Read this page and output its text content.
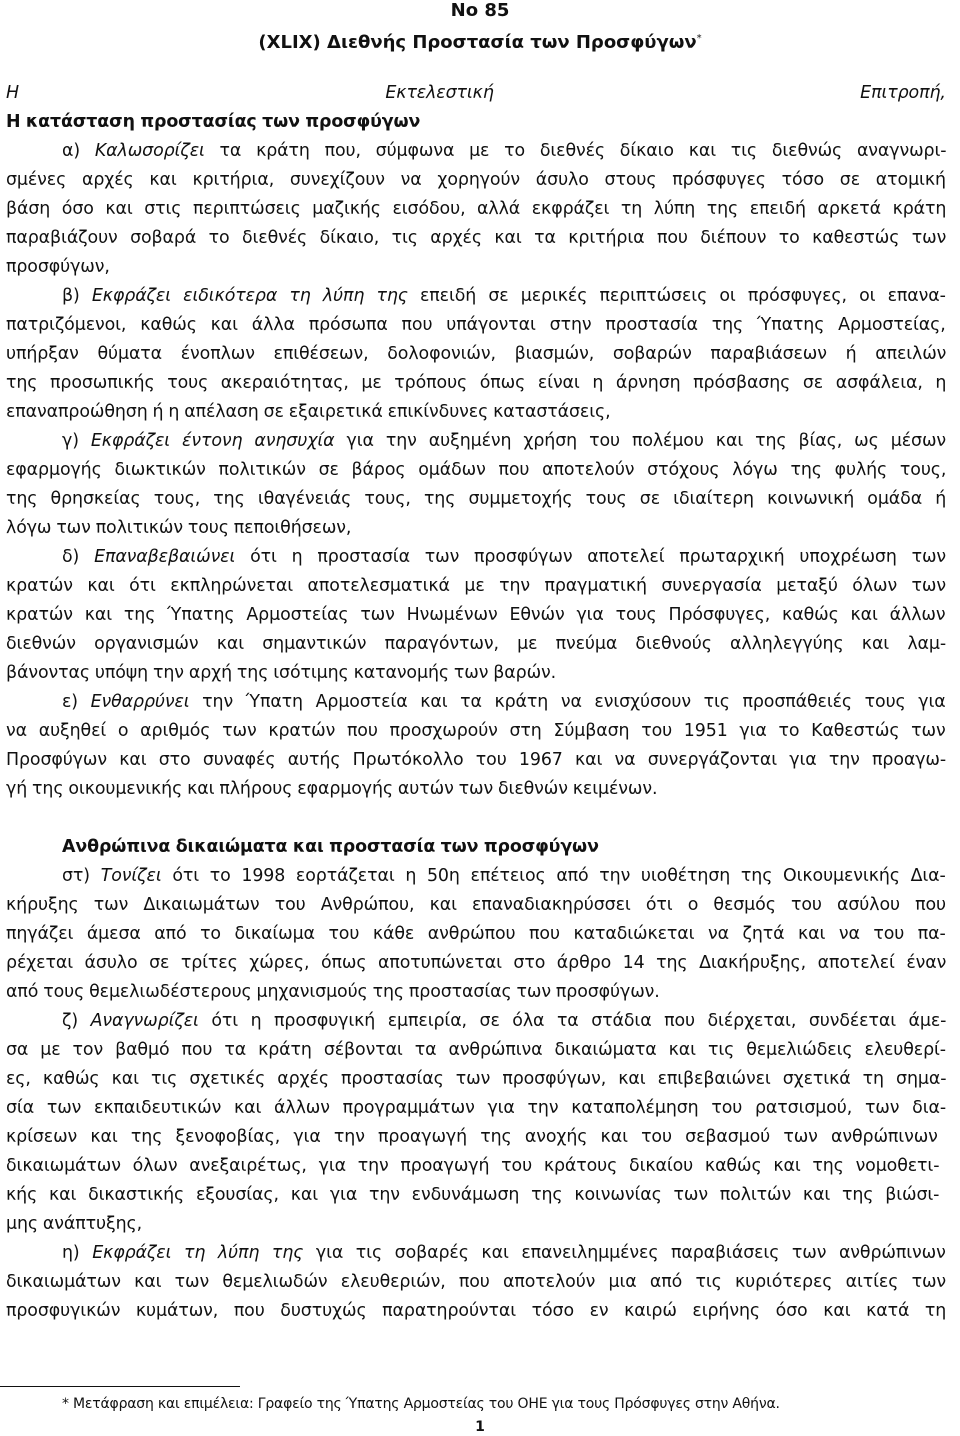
Νο 85
(XLIX) Διεθνής Προστασία των Προσφύγων*
Η Εκτελεστική Επιτροπή,
Η κατάσταση προστασίας των προσφύγων
α) Καλωσορίζει τα κράτη που, σύμφωνα με το διεθνές δίκαιο και τις διεθνώς αναγνωρι-
σμένες αρχές και κριτήρια, συνεχίζουν να χορηγούν άσυλο στους πρόσφυγες τόσο σε ατομική
βάση όσο και στις περιπτώσεις μαζικής εισόδου, αλλά εκφράζει τη λύπη της επειδή αρκετά κράτη
παραβιάζουν σοβαρά το διεθνές δίκαιο, τις αρχές και τα κριτήρια που διέπουν το καθεστώς των
προσφύγων,
β) Εκφράζει ειδικότερα τη λύπη της επειδή σε μερικές περιπτώσεις οι πρόσφυγες, οι επανα-
πατριζόμενοι, καθώς και άλλα πρόσωπα που υπάγονται στην προστασία της Ύπατης Αρμοστείας,
υπήρξαν θύματα ένοπλων επιθέσεων, δολοφονιών, βιασμών, σοβαρών παραβιάσεων ή απειλών
της προσωπικής τους ακεραιότητας, με τρόπους όπως είναι η άρνηση πρόσβασης σε ασφάλεια, η
επαναπροώθηση ή η απέλαση σε εξαιρετικά επικίνδυνες καταστάσεις,
γ) Εκφράζει έντονη ανησυχία για την αυξημένη χρήση του πολέμου και της βίας, ως μέσων
εφαρμογής διωκτικών πολιτικών σε βάρος ομάδων που αποτελούν στόχους λόγω της φυλής τους,
της θρησκείας τους, της ιθαγένειάς τους, της συμμετοχής τους σε ιδιαίτερη κοινωνική ομάδα ή
λόγω των πολιτικών τους πεποιθήσεων,
δ) Επαναβεβαιώνει ότι η προστασία των προσφύγων αποτελεί πρωταρχική υποχρέωση των
κρατών και ότι εκπληρώνεται αποτελεσματικά με την πραγματική συνεργασία μεταξύ όλων των
κρατών και της Ύπατης Αρμοστείας των Ηνωμένων Εθνών για τους Πρόσφυγες, καθώς και άλλων
διεθνών οργανισμών και σημαντικών παραγόντων, με πνεύμα διεθνούς αλληλεγγύης και λαμ-
βάνοντας υπόψη την αρχή της ισότιμης κατανομής των βαρών.
ε) Ενθαρρύνει την Ύπατη Αρμοστεία και τα κράτη να ενισχύσουν τις προσπάθειές τους για
να αυξηθεί ο αριθμός των κρατών που προσχωρούν στη Σύμβαση του 1951 για το Καθεστώς των
Προσφύγων και στο συναφές αυτής Πρωτόκολλο του 1967 και να συνεργάζονται για την προαγω-
γή της οικουμενικής και πλήρους εφαρμογής αυτών των διεθνών κειμένων.
Ανθρώπινα δικαιώματα και προστασία των προσφύγων
στ) Τονίζει ότι το 1998 εορτάζεται η 50η επέτειος από την υιοθέτηση της Οικουμενικής Δια-
κήρυξης των Δικαιωμάτων του Ανθρώπου, και επαναδιακηρύσσει ότι ο θεσμός του ασύλου που
πηγάζει άμεσα από το δικαίωμα του κάθε ανθρώπου που καταδιώκεται να ζητά και να του πα-
ρέχεται άσυλο σε τρίτες χώρες, όπως αποτυπώνεται στο άρθρο 14 της Διακήρυξης, αποτελεί έναν
από τους θεμελιωδέστερους μηχανισμούς της προστασίας των προσφύγων.
ζ) Αναγνωρίζει ότι η προσφυγική εμπειρία, σε όλα τα στάδια που διέρχεται, συνδέεται άμε-
σα με τον βαθμό που τα κράτη σέβονται τα ανθρώπινα δικαιώματα και τις θεμελιώδεις ελευθερί-
ες, καθώς και τις σχετικές αρχές προστασίας των προσφύγων, και επιβεβαιώνει σχετικά τη σημα-
σία των εκπαιδευτικών και άλλων προγραμμάτων για την καταπολέμηση του ρατσισμού, των δια-
κρίσεων και της ξενοφοβίας, για την προαγωγή της ανοχής και του σεβασμού των ανθρώπινων
δικαιωμάτων όλων ανεξαιρέτως, για την προαγωγή του κράτους δικαίου καθώς και της νομοθετι-
κής και δικαστικής εξουσίας, και για την ενδυνάμωση της κοινωνίας των πολιτών και της βιώσι-
μης ανάπτυξης,
η) Εκφράζει τη λύπη της για τις σοβαρές και επανειλημμένες παραβιάσεις των ανθρώπινων
δικαιωμάτων και των θεμελιωδών ελευθεριών, που αποτελούν μια από τις κυριότερες αιτίες των
προσφυγικών κυμάτων, που δυστυχώς παρατηρούνται τόσο εν καιρώ ειρήνης όσο και κατά τη
* Μετάφραση και επιμέλεια: Γραφείο της Ύπατης Αρμοστείας του ΟΗΕ για τους Πρόσφυγες στην Αθήνα.
1
